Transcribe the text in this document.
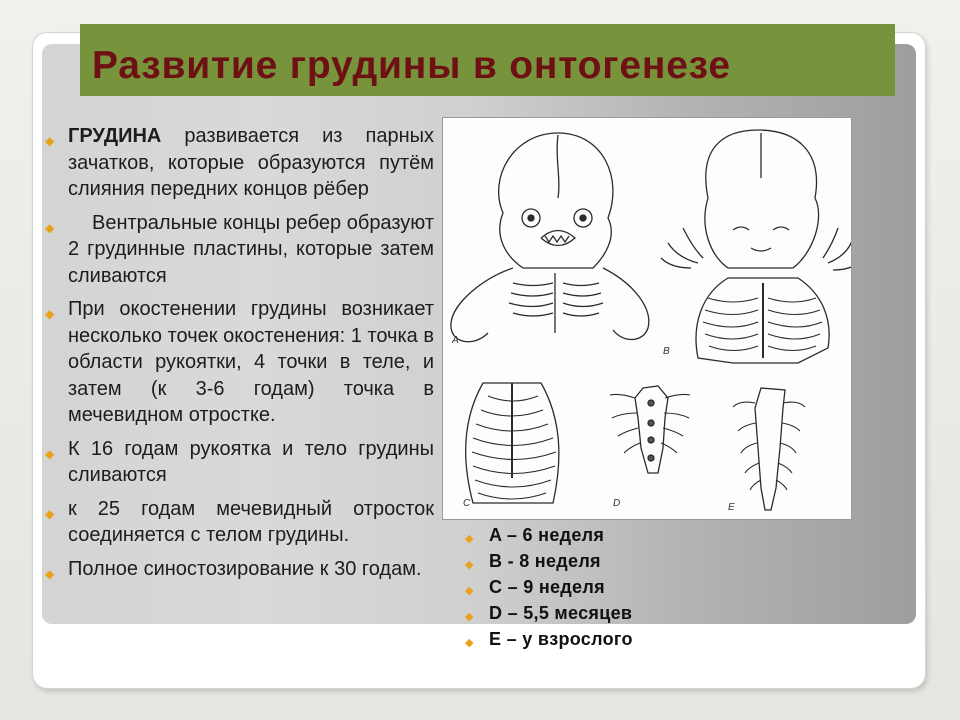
Развитие грудины в онтогенезе
◆ ГРУДИНА развивается из парных зачатков, которые образуются путём слияния передних концов рёбер
◆ Вентральные концы ребер образуют 2 грудинные пластины, которые затем сливаются
◆ При окостенении грудины возникает несколько точек окостенения: 1 точка в области рукоятки, 4 точки в теле, и затем (к 3-6 годам) точка в мечевидном отростке.
◆ К 16 годам рукоятка и тело грудины сливаются
◆ к 25 годам мечевидный отросток соединяется с телом грудины.
◆ Полное синостозирование к 30 годам.
A
B
C	D	E
◆ A – 6 неделя
◆ B - 8 неделя
◆ C – 9 неделя
◆ D – 5,5 месяцев
◆ E – у взрослого
